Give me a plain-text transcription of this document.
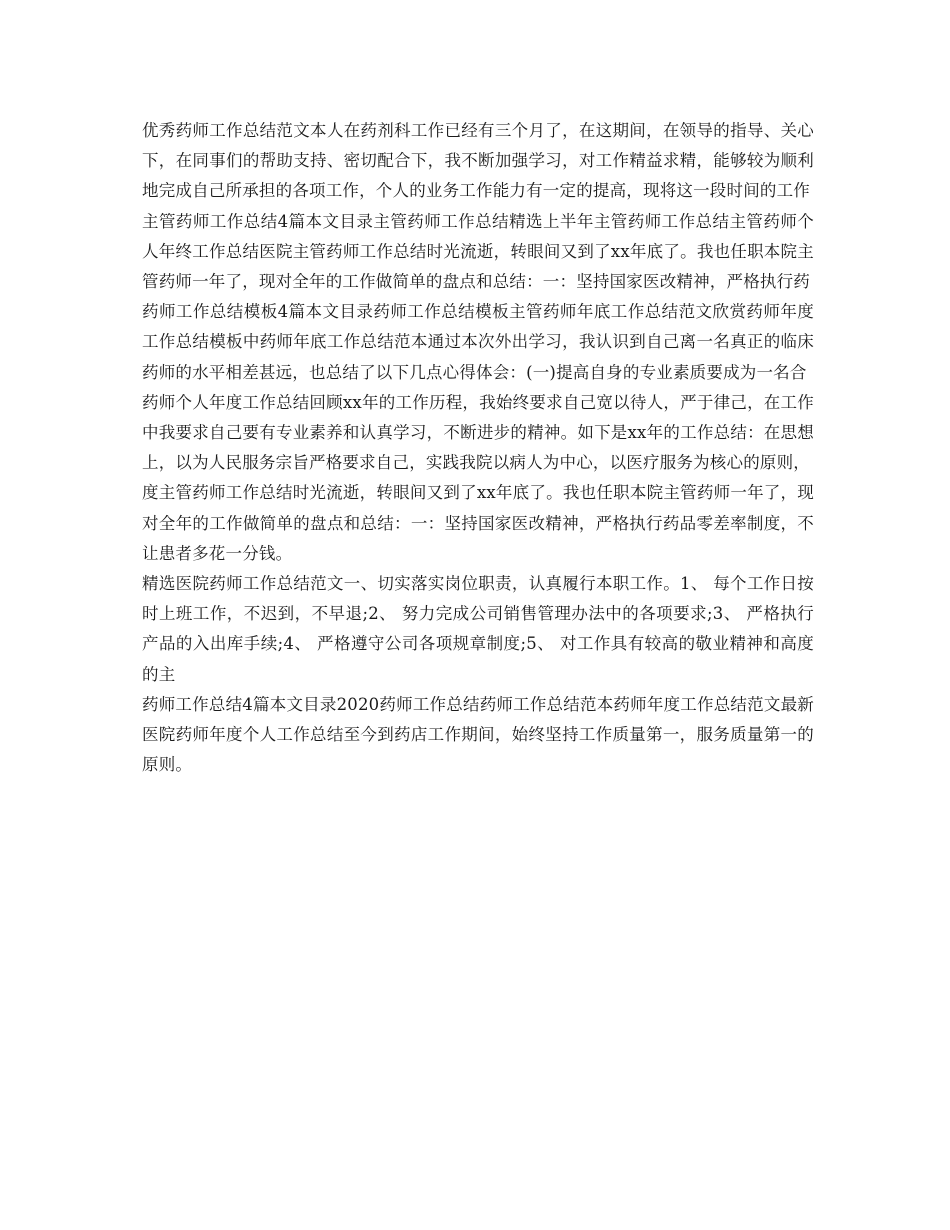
优秀药师工作总结范文本人在药剂科工作已经有三个月了，在这期间，在领导的指导、关心下，在同事们的帮助支持、密切配合下，我不断加强学习，对工作精益求精，能够较为顺利地完成自己所承担的各项工作，个人的业务工作能力有一定的提高，现将这一段时间的工作

主管药师工作总结4篇本文目录主管药师工作总结精选上半年主管药师工作总结主管药师个人年终工作总结医院主管药师工作总结时光流逝，转眼间又到了xx年底了。我也任职本院主管药师一年了，现对全年的工作做简单的盘点和总结：一：坚持国家医改精神，严格执行药

药师工作总结模板4篇本文目录药师工作总结模板主管药师年底工作总结范文欣赏药师年度工作总结模板中药师年底工作总结范本通过本次外出学习，我认识到自己离一名真正的临床药师的水平相差甚远，也总结了以下几点心得体会：(一)提高自身的专业素质要成为一名合

药师个人年度工作总结回顾xx年的工作历程，我始终要求自己宽以待人，严于律己，在工作中我要求自己要有专业素养和认真学习，不断进步的精神。如下是xx年的工作总结：在思想上，以为人民服务宗旨严格要求自己，实践我院以病人为中心，以医疗服务为核心的原则，

度主管药师工作总结时光流逝，转眼间又到了xx年底了。我也任职本院主管药师一年了，现对全年的工作做简单的盘点和总结：一：坚持国家医改精神，严格执行药品零差率制度，不让患者多花一分钱。

精选医院药师工作总结范文一、切实落实岗位职责，认真履行本职工作。1、 每个工作日按时上班工作，不迟到，不早退;2、 努力完成公司销售管理办法中的各项要求;3、 严格执行产品的入出库手续;4、 严格遵守公司各项规章制度;5、 对工作具有较高的敬业精神和高度的主

药师工作总结4篇本文目录2020药师工作总结药师工作总结范本药师年度工作总结范文最新医院药师年度个人工作总结至今到药店工作期间，始终坚持工作质量第一，服务质量第一的原则。
